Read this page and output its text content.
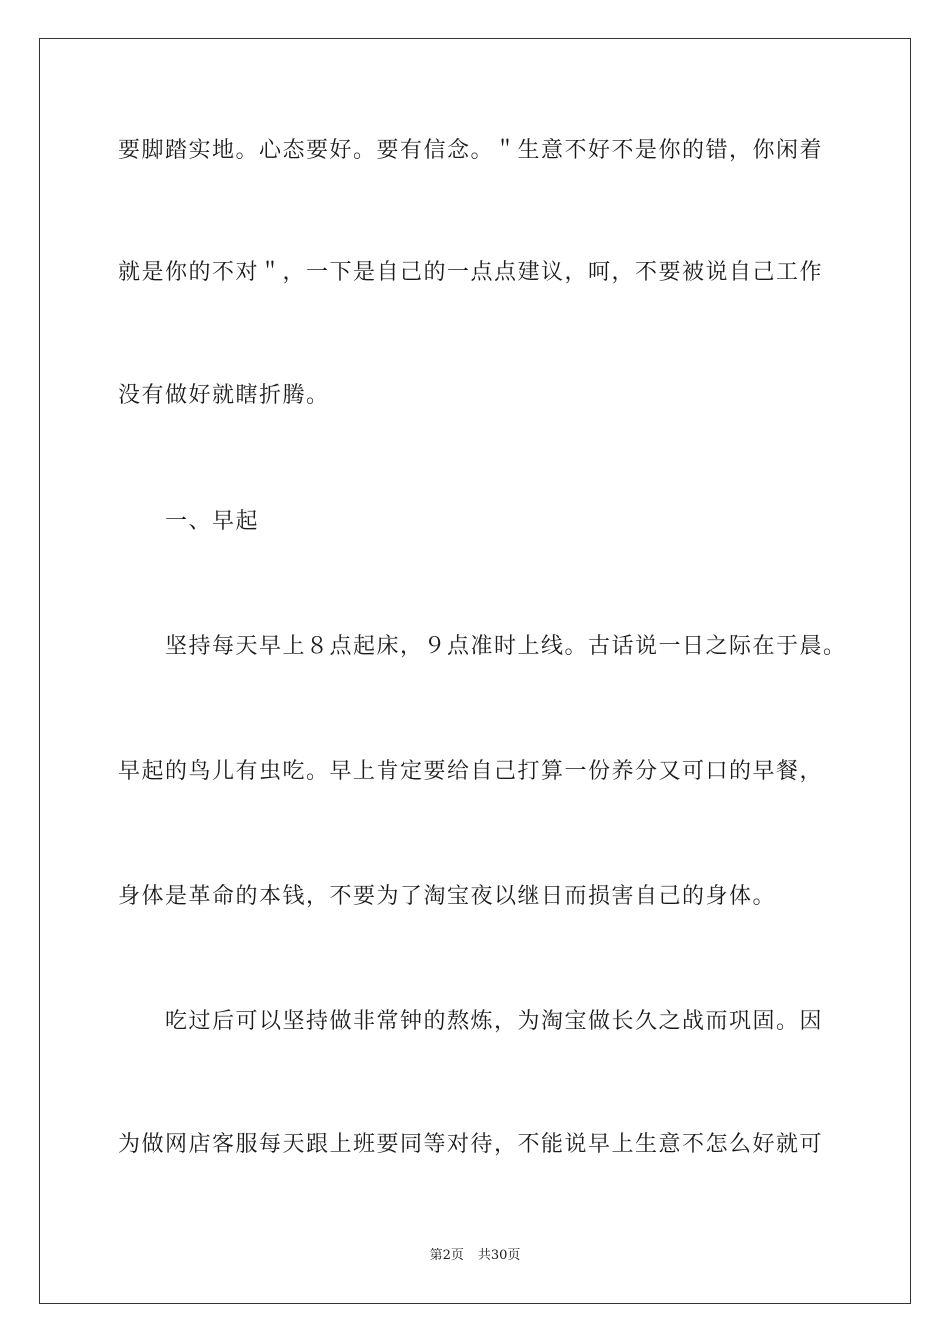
要脚踏实地。心态要好。要有信念。＂生意不好不是你的错，你闲着
就是你的不对＂，一下是自己的一点点建议，呵，不要被说自己工作
没有做好就瞎折腾。
一、早起
坚持每天早上８点起床，９点准时上线。古话说一日之际在于晨。
早起的鸟儿有虫吃。早上肯定要给自己打算一份养分又可口的早餐，
身体是革命的本钱，不要为了淘宝夜以继日而损害自己的身体。
吃过后可以坚持做非常钟的熬炼，为淘宝做长久之战而巩固。因
为做网店客服每天跟上班要同等对待，不能说早上生意不怎么好就可
第2页 共30页
